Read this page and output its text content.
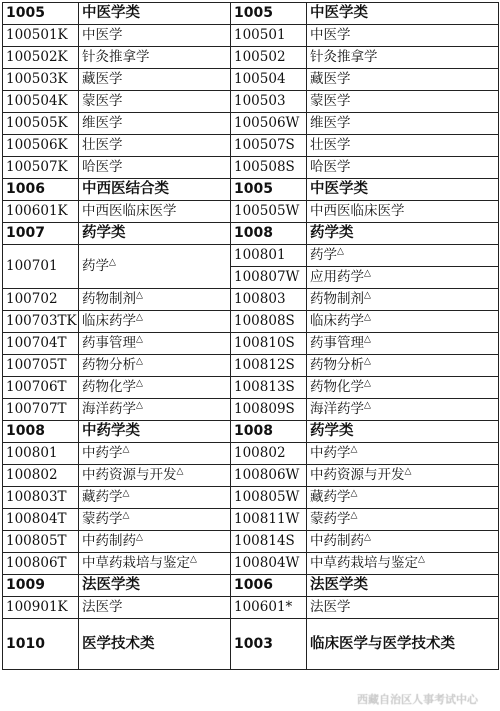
1005	中医学类	1005	中医学类
100501K	中医学	100501	中医学
100502K	针灸推拿学	100502	针灸推拿学
100503K	藏医学	100504	藏医学
100504K	蒙医学	100503	蒙医学
100505K	维医学	100506W	维医学
100506K	壮医学	100507S	壮医学
100507K	哈医学	100508S	哈医学
1006	中西医结合类	1005	中医学类
100601K	中西医临床医学	100505W	中西医临床医学
1007	药学类	1008	药学类
100701	药学△	100801	药学△
		100807W	应用药学△
100702	药物制剂△	100803	药物制剂△
100703TK	临床药学△	100808S	临床药学△
100704T	药事管理△	100810S	药事管理△
100705T	药物分析△	100812S	药物分析△
100706T	药物化学△	100813S	药物化学△
100707T	海洋药学△	100809S	海洋药学△
1008	中药学类	1008	药学类
100801	中药学△	100802	中药学△
100802	中药资源与开发△	100806W	中药资源与开发△
100803T	藏药学△	100805W	藏药学△
100804T	蒙药学△	100811W	蒙药学△
100805T	中药制药△	100814S	中药制药△
100806T	中草药栽培与鉴定△	100804W	中草药栽培与鉴定△
1009	法医学类	1006	法医学类
100901K	法医学	100601*	法医学
1010	医学技术类	1003	临床医学与医学技术类
西藏自治区人事考试中心
